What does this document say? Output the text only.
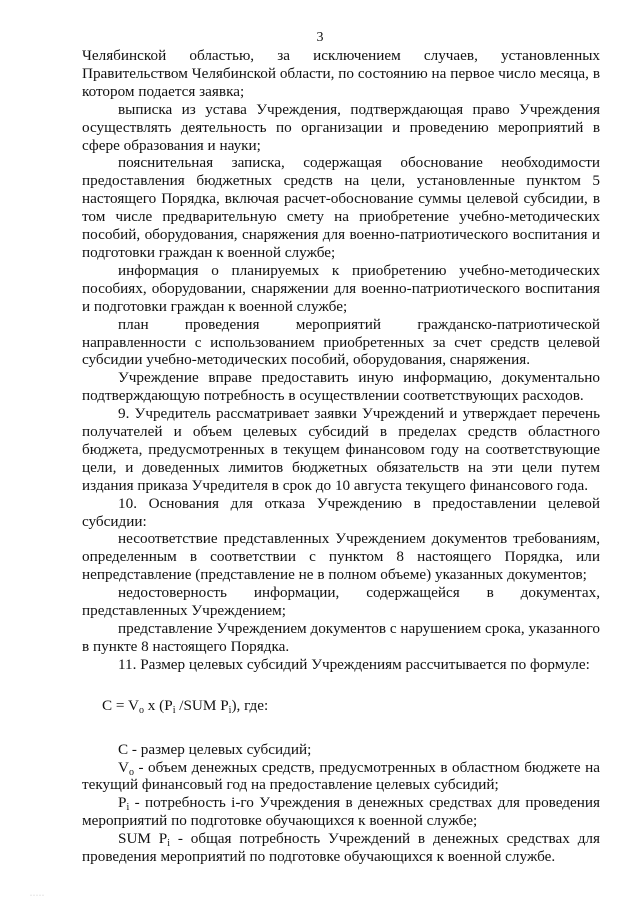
3

Челябинской областью, за исключением случаев, установленных Правительством Челябинской области, по состоянию на первое число месяца, в котором подается заявка;

выписка из устава Учреждения, подтверждающая право Учреждения осуществлять деятельность по организации и проведению мероприятий в сфере образования и науки;

пояснительная записка, содержащая обоснование необходимости предоставления бюджетных средств на цели, установленные пунктом 5 настоящего Порядка, включая расчет-обоснование суммы целевой субсидии, в том числе предварительную смету на приобретение учебно-методических пособий, оборудования, снаряжения для военно-патриотического воспитания и подготовки граждан к военной службе;

информация о планируемых к приобретению учебно-методических пособиях, оборудовании, снаряжении для военно-патриотического воспитания и подготовки граждан к военной службе;

план проведения мероприятий гражданско-патриотической направленности с использованием приобретенных за счет средств целевой субсидии учебно-методических пособий, оборудования, снаряжения.

Учреждение вправе предоставить иную информацию, документально подтверждающую потребность в осуществлении соответствующих расходов.

9. Учредитель рассматривает заявки Учреждений и утверждает перечень получателей и объем целевых субсидий в пределах средств областного бюджета, предусмотренных в текущем финансовом году на соответствующие цели, и доведенных лимитов бюджетных обязательств на эти цели путем издания приказа Учредителя в срок до 10 августа текущего финансового года.

10. Основания для отказа Учреждению в предоставлении целевой субсидии:

несоответствие представленных Учреждением документов требованиям, определенным в соответствии с пунктом 8 настоящего Порядка, или непредставление (представление не в полном объеме) указанных документов;

недостоверность информации, содержащейся в документах, представленных Учреждением;

представление Учреждением документов с нарушением срока, указанного в пункте 8 настоящего Порядка.

11. Размер целевых субсидий Учреждениям рассчитывается по формуле:

$C = V_o$ x ($P_i$ /SUM $P_i$), где:

С - размер целевых субсидий;

$V_o$ - объем денежных средств, предусмотренных в областном бюджете на текущий финансовый год на предоставление целевых субсидий;

$P_i$ - потребность i-го Учреждения в денежных средствах для проведения мероприятий по подготовке обучающихся к военной службе;

SUM $P_i$ - общая потребность Учреждений в денежных средствах для проведения мероприятий по подготовке обучающихся к военной службе.

·····
